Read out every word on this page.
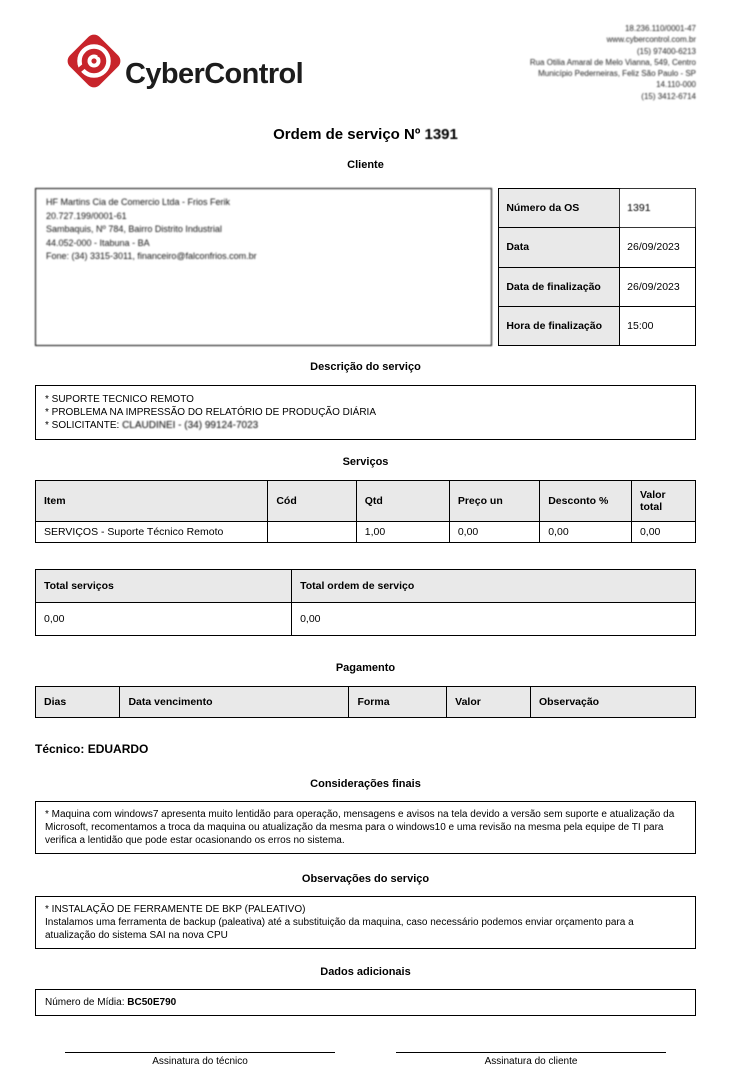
CyberControl
18.236.110/0001-47
www.cybercontrol.com.br
(15) 97400-6213
Rua Otilia Amaral de Melo Vianna, 549, Centro
Município Pederneiras, Feliz São Paulo - SP
14.110-000
(15) 3412-6714
Ordem de serviço Nº 1391
Cliente
HF Martins Cia de Comercio Ltda - Frios Ferik
20.727.199/0001-61
Sambaquis, Nº 784, Bairro Distrito Industrial
44.052-000 - Itabuna - BA
Fone: (34) 3315-3011, financeiro@falconfrios.com.br
Número da OS	1391
Data	26/09/2023
Data de finalização	26/09/2023
Hora de finalização	15:00
Descrição do serviço
* SUPORTE TECNICO REMOTO
* PROBLEMA NA IMPRESSÃO DO RELATÓRIO DE PRODUÇÃO DIÁRIA
* SOLICITANTE: CLAUDINEI - (34) 99124-7023
Serviços
Item	Cód	Qtd	Preço un	Desconto %	Valor total
SERVIÇOS - Suporte Técnico Remoto		1,00	0,00	0,00	0,00
Total serviços	Total ordem de serviço
0,00	0,00
Pagamento
Dias	Data vencimento	Forma	Valor	Observação
Técnico: EDUARDO
Considerações finais
* Maquina com windows7 apresenta muito lentidão para operação, mensagens e avisos na tela devido a versão sem suporte e atualização da Microsoft, recomentamos a troca da maquina ou atualização da mesma para o windows10 e uma revisão na mesma pela equipe de TI para verifica a lentidão que pode estar ocasionando os erros no sistema.
Observações do serviço
* INSTALAÇÃO DE FERRAMENTE DE BKP (PALEATIVO)
Instalamos uma ferramenta de backup (paleativa) até a substituição da maquina, caso necessário podemos enviar orçamento para a atualização do sistema SAI na nova CPU
Dados adicionais
Número de Mídia: BC50E790
Assinatura do técnico	Assinatura do cliente
